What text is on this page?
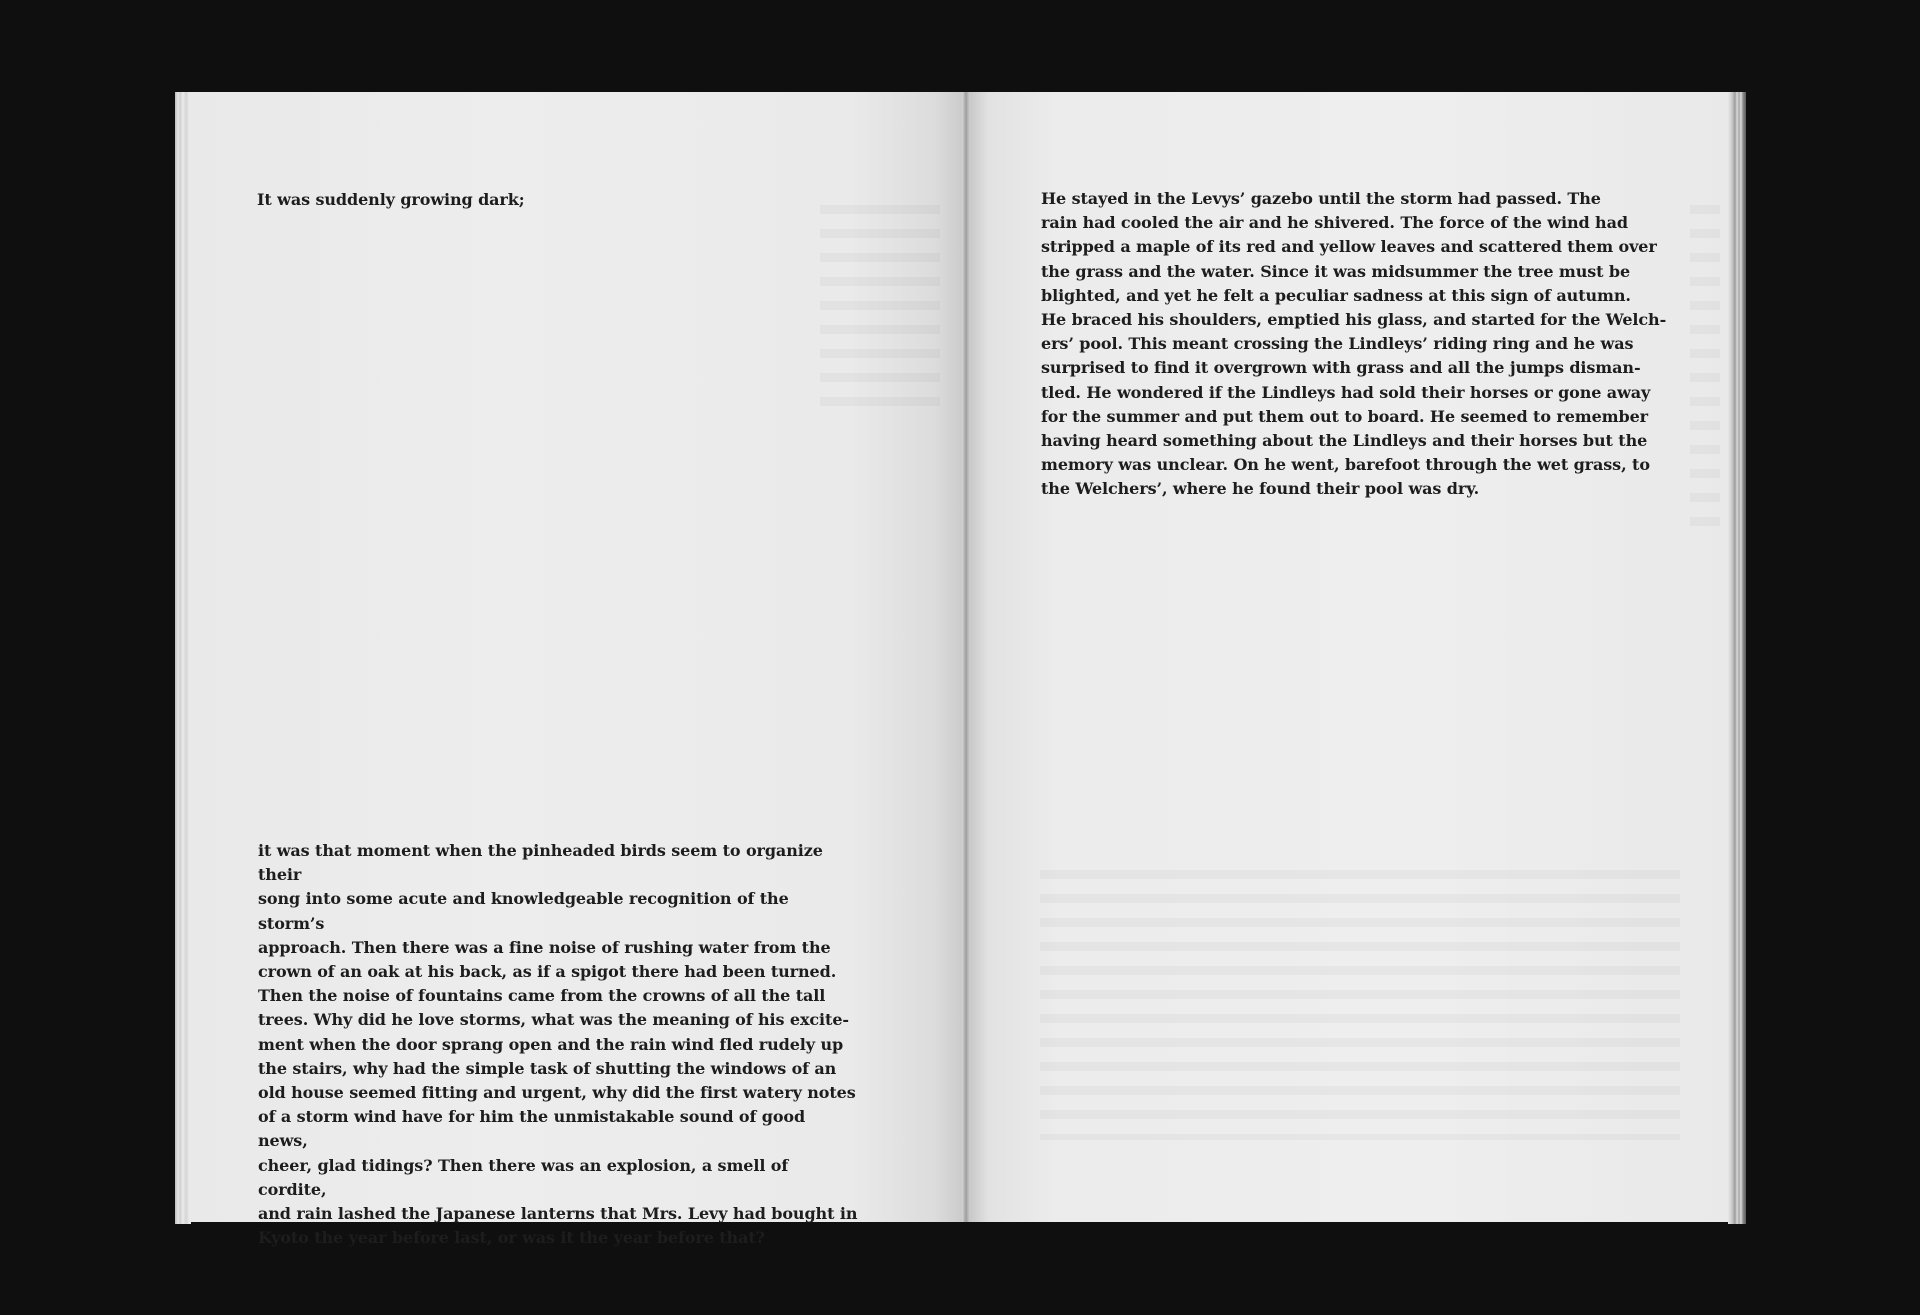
It was suddenly growing dark;

it was that moment when the pinheaded birds seem to organize their
song into some acute and knowledgeable recognition of the storm’s
approach. Then there was a fine noise of rushing water from the
crown of an oak at his back, as if a spigot there had been turned.
Then the noise of fountains came from the crowns of all the tall
trees. Why did he love storms, what was the meaning of his excite-
ment when the door sprang open and the rain wind fled rudely up
the stairs, why had the simple task of shutting the windows of an
old house seemed fitting and urgent, why did the first watery notes
of a storm wind have for him the unmistakable sound of good news,
cheer, glad tidings? Then there was an explosion, a smell of cordite,
and rain lashed the Japanese lanterns that Mrs. Levy had bought in
Kyoto the year before last, or was it the year before that?

He stayed in the Levys’ gazebo until the storm had passed. The
rain had cooled the air and he shivered. The force of the wind had
stripped a maple of its red and yellow leaves and scattered them over
the grass and the water. Since it was midsummer the tree must be
blighted, and yet he felt a peculiar sadness at this sign of autumn.
He braced his shoulders, emptied his glass, and started for the Welch-
ers’ pool. This meant crossing the Lindleys’ riding ring and he was
surprised to find it overgrown with grass and all the jumps disman-
tled. He wondered if the Lindleys had sold their horses or gone away
for the summer and put them out to board. He seemed to remember
having heard something about the Lindleys and their horses but the
memory was unclear. On he went, barefoot through the wet grass, to
the Welchers’, where he found their pool was dry.
